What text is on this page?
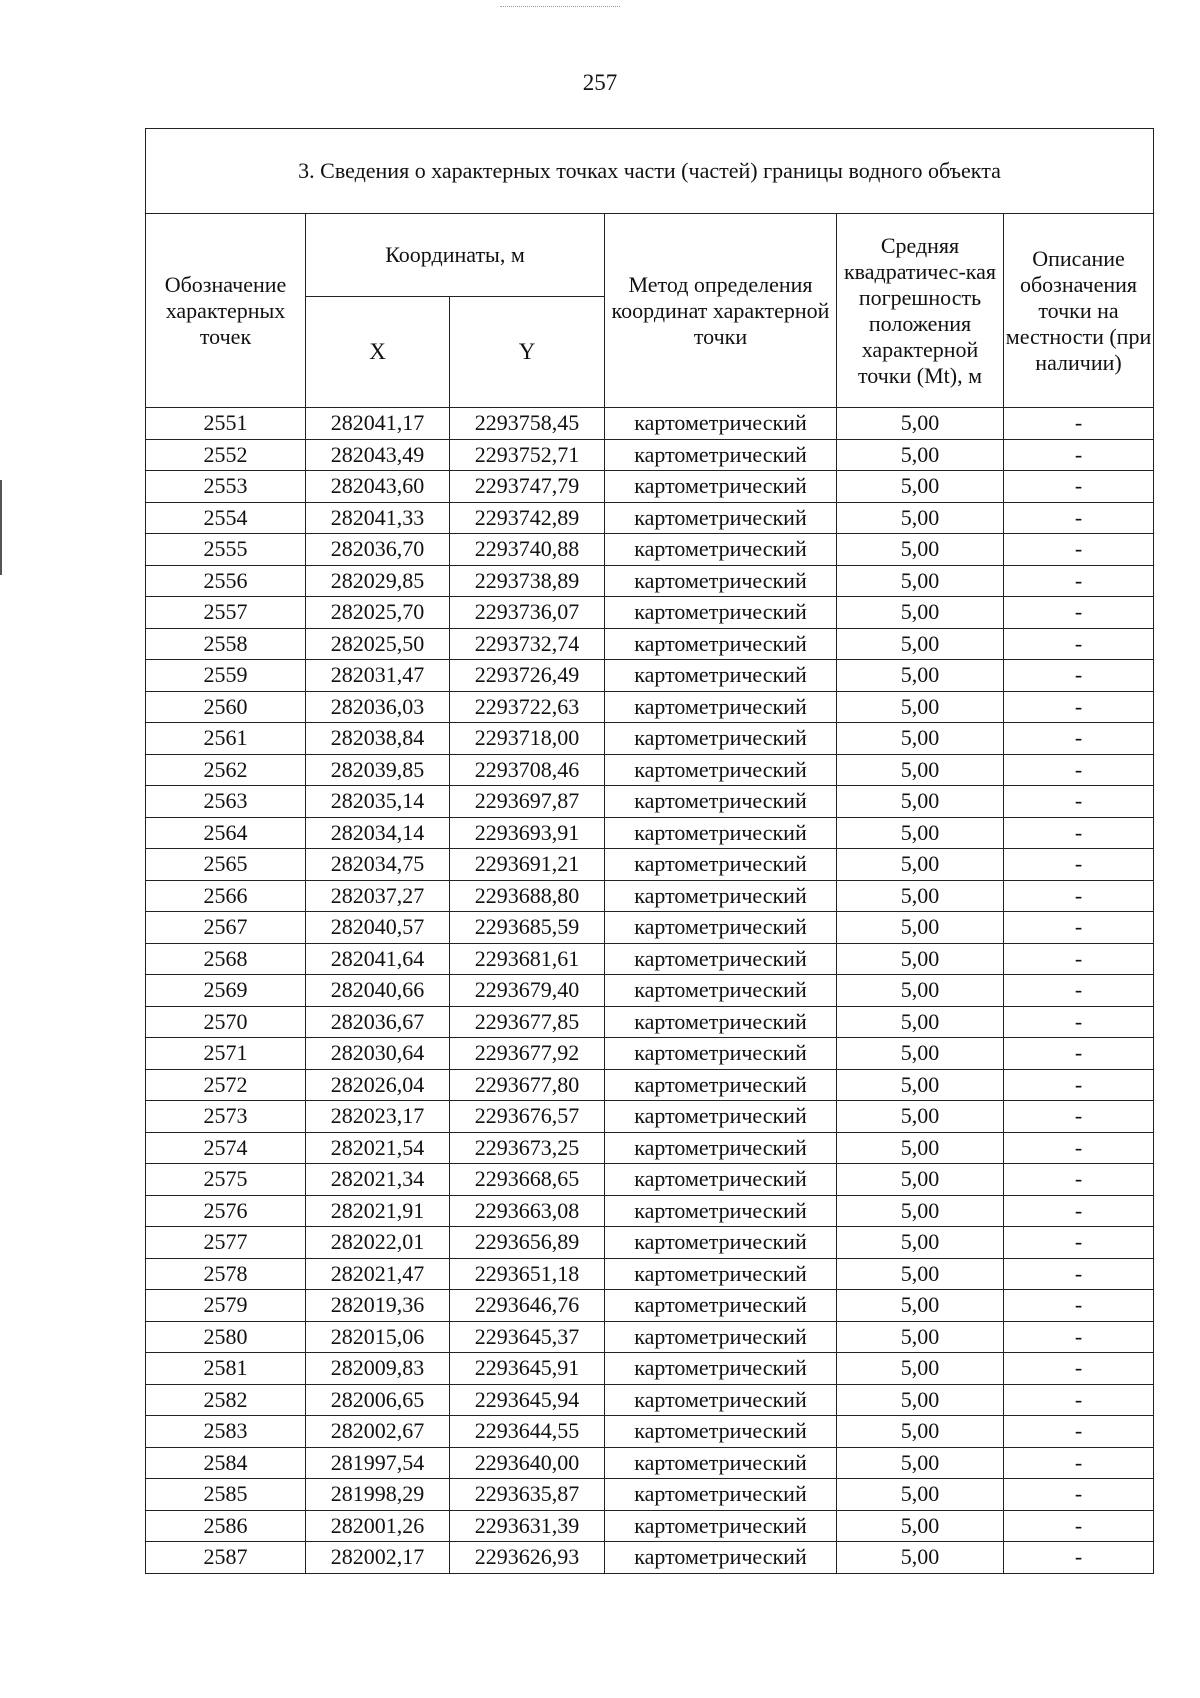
257
3. Сведения о характерных точках части (частей) границы водного объекта					
Обозначение характерных точек	Координаты, м		Метод определения координат характерной точки	Средняя квадратичес-кая погрешность положения характерной точки (Mt), м	Описание обозначения точки на местности (при наличии)
	X	Y			
2551	282041,17	2293758,45	картометрический	5,00	-
2552	282043,49	2293752,71	картометрический	5,00	-
2553	282043,60	2293747,79	картометрический	5,00	-
2554	282041,33	2293742,89	картометрический	5,00	-
2555	282036,70	2293740,88	картометрический	5,00	-
2556	282029,85	2293738,89	картометрический	5,00	-
2557	282025,70	2293736,07	картометрический	5,00	-
2558	282025,50	2293732,74	картометрический	5,00	-
2559	282031,47	2293726,49	картометрический	5,00	-
2560	282036,03	2293722,63	картометрический	5,00	-
2561	282038,84	2293718,00	картометрический	5,00	-
2562	282039,85	2293708,46	картометрический	5,00	-
2563	282035,14	2293697,87	картометрический	5,00	-
2564	282034,14	2293693,91	картометрический	5,00	-
2565	282034,75	2293691,21	картометрический	5,00	-
2566	282037,27	2293688,80	картометрический	5,00	-
2567	282040,57	2293685,59	картометрический	5,00	-
2568	282041,64	2293681,61	картометрический	5,00	-
2569	282040,66	2293679,40	картометрический	5,00	-
2570	282036,67	2293677,85	картометрический	5,00	-
2571	282030,64	2293677,92	картометрический	5,00	-
2572	282026,04	2293677,80	картометрический	5,00	-
2573	282023,17	2293676,57	картометрический	5,00	-
2574	282021,54	2293673,25	картометрический	5,00	-
2575	282021,34	2293668,65	картометрический	5,00	-
2576	282021,91	2293663,08	картометрический	5,00	-
2577	282022,01	2293656,89	картометрический	5,00	-
2578	282021,47	2293651,18	картометрический	5,00	-
2579	282019,36	2293646,76	картометрический	5,00	-
2580	282015,06	2293645,37	картометрический	5,00	-
2581	282009,83	2293645,91	картометрический	5,00	-
2582	282006,65	2293645,94	картометрический	5,00	-
2583	282002,67	2293644,55	картометрический	5,00	-
2584	281997,54	2293640,00	картометрический	5,00	-
2585	281998,29	2293635,87	картометрический	5,00	-
2586	282001,26	2293631,39	картометрический	5,00	-
2587	282002,17	2293626,93	картометрический	5,00	-
